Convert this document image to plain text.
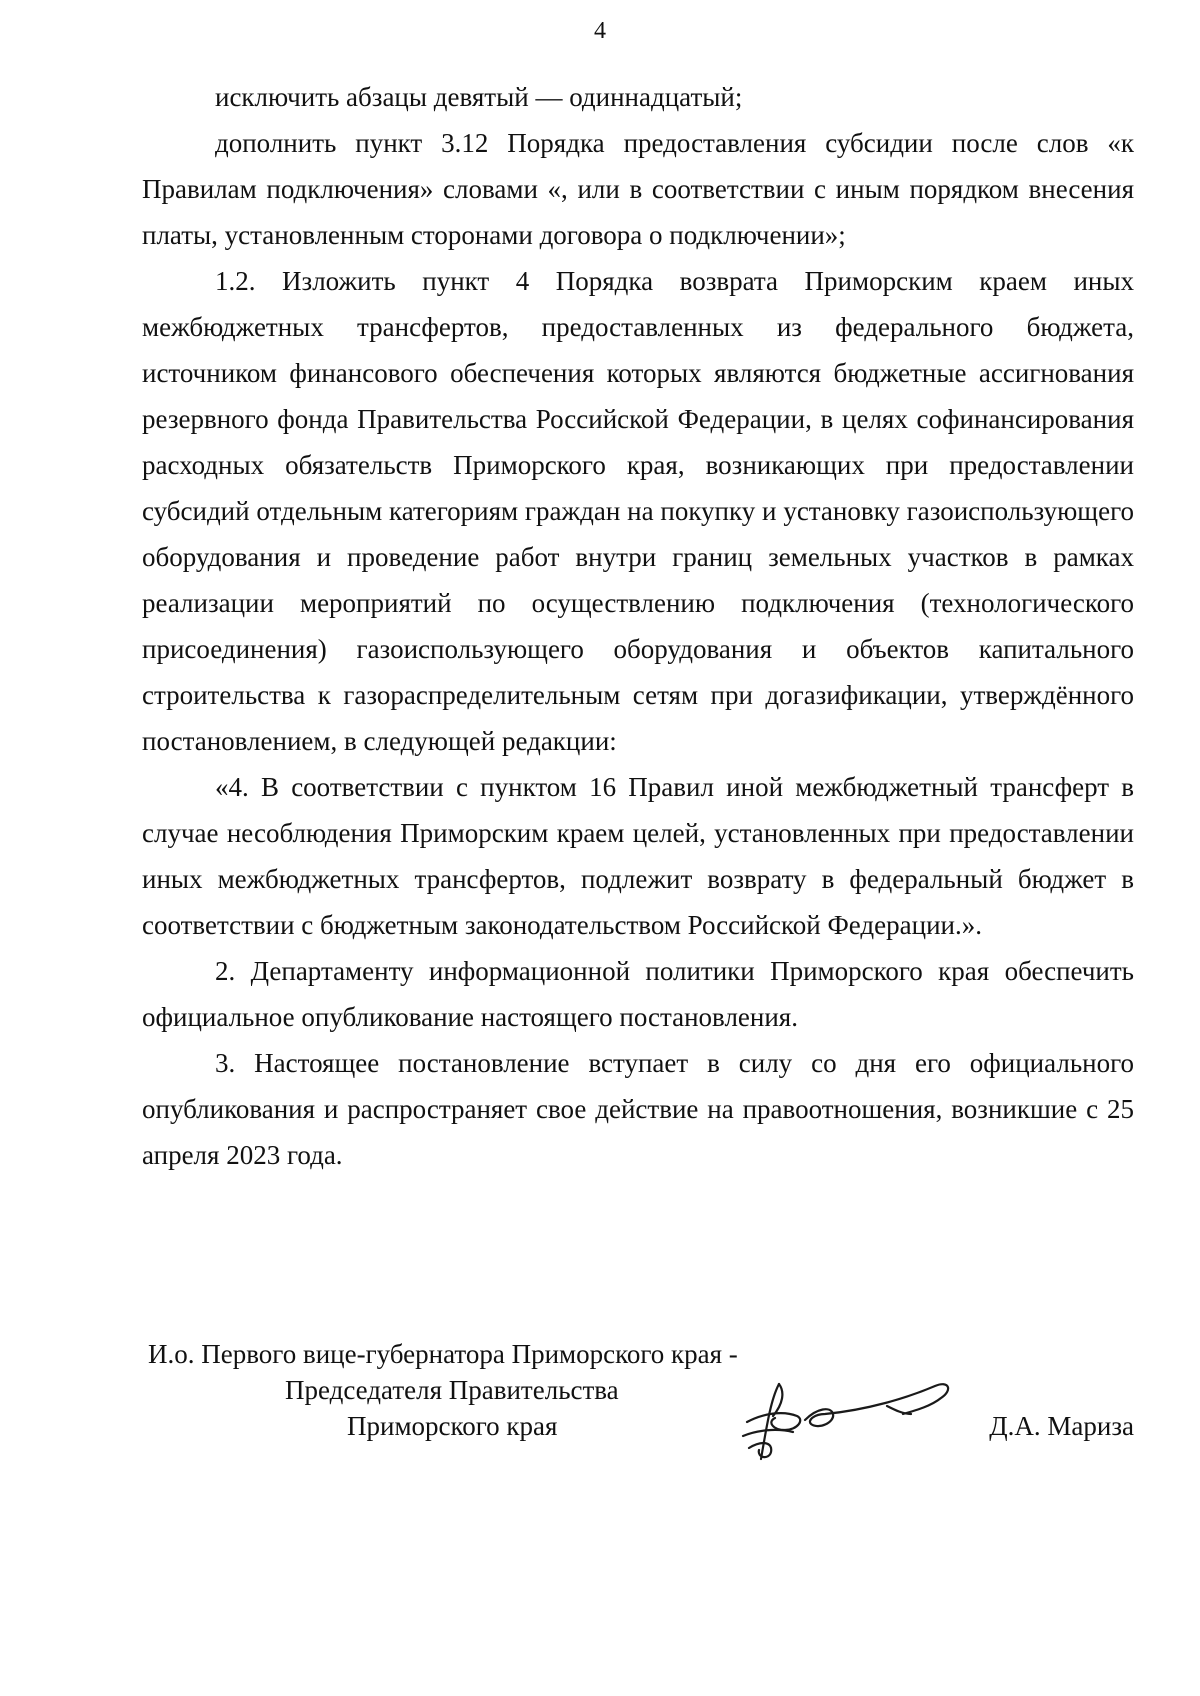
4

исключить абзацы девятый — одиннадцатый;

дополнить пункт 3.12 Порядка предоставления субсидии после слов «к Правилам подключения» словами «, или в соответствии с иным порядком внесения платы, установленным сторонами договора о подключении»;

1.2. Изложить пункт 4 Порядка возврата Приморским краем иных межбюджетных трансфертов, предоставленных из федерального бюджета, источником финансового обеспечения которых являются бюджетные ассигнования резервного фонда Правительства Российской Федерации, в целях софинансирования расходных обязательств Приморского края, возникающих при предоставлении субсидий отдельным категориям граждан на покупку и установку газоиспользующего оборудования и проведение работ внутри границ земельных участков в рамках реализации мероприятий по осуществлению подключения (технологического присоединения) газоиспользующего оборудования и объектов капитального строительства к газораспределительным сетям при догазификации, утверждённого постановлением, в следующей редакции:

«4. В соответствии с пунктом 16 Правил иной межбюджетный трансферт в случае несоблюдения Приморским краем целей, установленных при предоставлении иных межбюджетных трансфертов, подлежит возврату в федеральный бюджет в соответствии с бюджетным законодательством Российской Федерации.».

2. Департаменту информационной политики Приморского края обеспечить официальное опубликование настоящего постановления.

3. Настоящее постановление вступает в силу со дня его официального опубликования и распространяет свое действие на правоотношения, возникшие с 25 апреля 2023 года.

И.о. Первого вице-губернатора Приморского края -
Председателя Правительства
Приморского края	Д.А. Мариза
